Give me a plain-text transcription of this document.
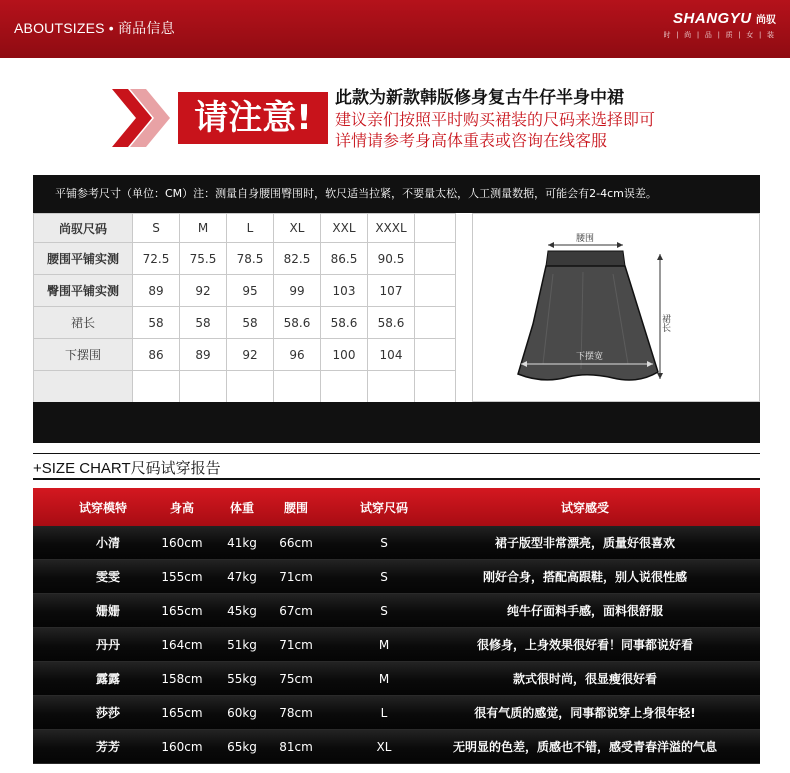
ABOUTSIZES • 商品信息
SHANGYU 尚驭
时 | 尚 | 品 | 质 | 女 | 装
请注意!	此款为新款韩版修身复古牛仔半身中裙
建议亲们按照平时购买裙装的尺码来选择即可
详情请参考身高体重表或咨询在线客服
平铺参考尺寸（单位：CM）注：测量自身腰围臀围时，软尺适当拉紧，不要量太松，人工测量数据，可能会有2-4cm误差。
尚驭尺码	S	M	L	XL	XXL	XXXL	
腰围平铺实测	72.5	75.5	78.5	82.5	86.5	90.5	
臀围平铺实测	89	92	95	99	103	107	
裙长	58	58	58	58.6	58.6	58.6	
下摆围	86	89	92	96	100	104	

腰围
裙长
下摆宽
+SIZE CHART尺码试穿报告
试穿模特	身高	体重	腰围	试穿尺码	试穿感受
小清	160cm	41kg	66cm	S	裙子版型非常漂亮，质量好很喜欢
雯雯	155cm	47kg	71cm	S	刚好合身，搭配高跟鞋，别人说很性感
姗姗	165cm	45kg	67cm	S	纯牛仔面料手感，面料很舒服
丹丹	164cm	51kg	71cm	M	很修身，上身效果很好看！同事都说好看
露露	158cm	55kg	75cm	M	款式很时尚，很显瘦很好看
莎莎	165cm	60kg	78cm	L	很有气质的感觉，同事都说穿上身很年轻!
芳芳	160cm	65kg	81cm	XL	无明显的色差，质感也不错，感受青春洋溢的气息
